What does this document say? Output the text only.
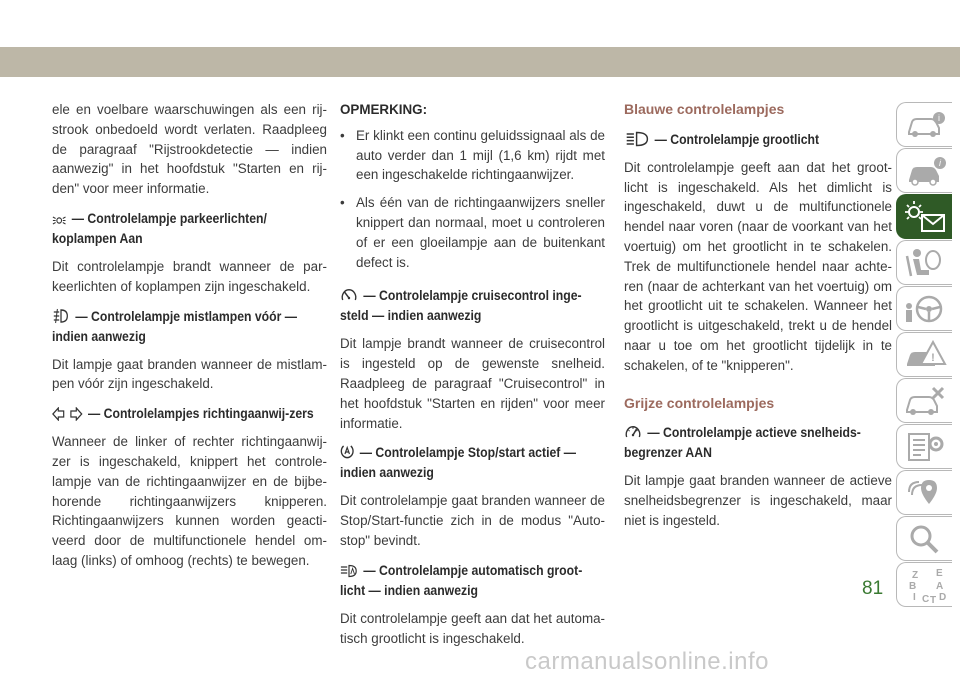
ele en voelbare waarschuwingen als een rij-strook onbedoeld wordt verlaten. Raadpleeg de paragraaf "Rijstrookdetectie — indien aanwezig" in het hoofdstuk "Starten en rij-den" voor meer informatie.
— Controlelampje parkeerlichten/ koplampen Aan
Dit controlelampje brandt wanneer de par-keerlichten of koplampen zijn ingeschakeld.
— Controlelampje mistlampen vóór — indien aanwezig
Dit lampje gaat branden wanneer de mistlam-pen vóór zijn ingeschakeld.
— Controlelampjes richtingaanwij-zers
Wanneer de linker of rechter richtingaanwij-zer is ingeschakeld, knippert het controle-lampje van de richtingaanwijzer en de bijbe-horende richtingaanwijzers knipperen. Richtingaanwijzers kunnen worden geacti-veerd door de multifunctionele hendel om-laag (links) of omhoog (rechts) te bewegen.
OPMERKING:
• Er klinkt een continu geluidssignaal als de auto verder dan 1 mijl (1,6 km) rijdt met een ingeschakelde richtingaanwijzer.
• Als één van de richtingaanwijzers sneller knippert dan normaal, moet u controleren of er een gloeilampje aan de buitenkant defect is.
— Controlelampje cruisecontrol inge-steld — indien aanwezig
Dit lampje brandt wanneer de cruisecontrol is ingesteld op de gewenste snelheid. Raadpleeg de paragraaf "Cruisecontrol" in het hoofdstuk "Starten en rijden" voor meer informatie.
— Controlelampje Stop/start actief — indien aanwezig
Dit controlelampje gaat branden wanneer de Stop/Start-functie zich in de modus "Auto-stop" bevindt.
— Controlelampje automatisch groot-licht — indien aanwezig
Dit controlelampje geeft aan dat het automa-tisch grootlicht is ingeschakeld.
Blauwe controlelampjes
— Controlelampje grootlicht
Dit controlelampje geeft aan dat het groot-licht is ingeschakeld. Als het dimlicht is ingeschakeld, duwt u de multifunctionele hendel naar voren (naar de voorkant van het voertuig) om het grootlicht in te schakelen. Trek de multifunctionele hendel naar achte-ren (naar de achterkant van het voertuig) om het grootlicht uit te schakelen. Wanneer het grootlicht is uitgeschakeld, trekt u de hendel naar u toe om het grootlicht tijdelijk in te schakelen, of te "knipperen".
Grijze controlelampjes
— Controlelampje actieve snelheids-begrenzer AAN
Dit lampje gaat branden wanneer de actieve snelheidsbegrenzer is ingeschakeld, maar niet is ingesteld.
i
i
!
Z E
B A
I C D
T
81
carmanualsonline.info
